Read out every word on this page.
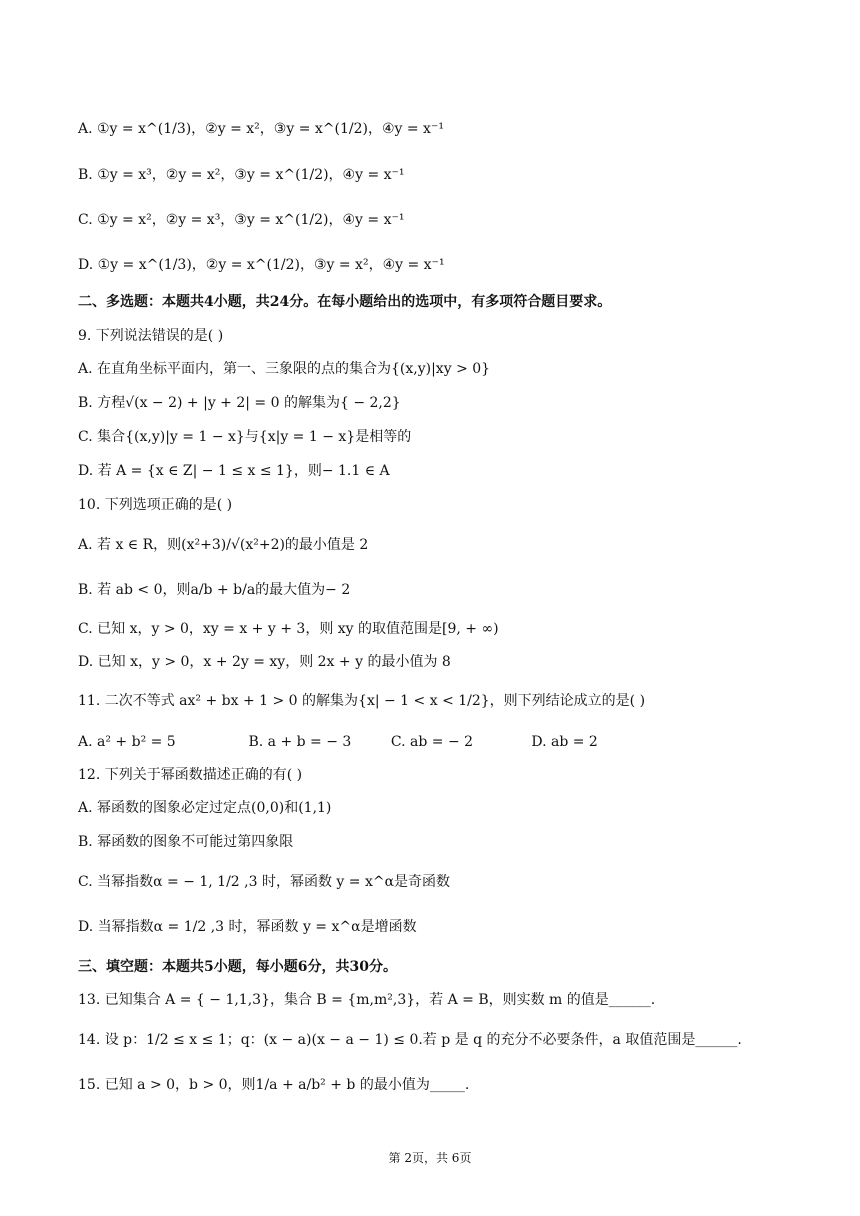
A. ①y = x^(1/3)，②y = x²，③y = x^(1/2)，④y = x⁻¹
B. ①y = x³，②y = x²，③y = x^(1/2)，④y = x⁻¹
C. ①y = x²，②y = x³，③y = x^(1/2)，④y = x⁻¹
D. ①y = x^(1/3)，②y = x^(1/2)，③y = x²，④y = x⁻¹
二、多选题：本题共4小题，共24分。在每小题给出的选项中，有多项符合题目要求。
9. 下列说法错误的是( )
A. 在直角坐标平面内，第一、三象限的点的集合为{(x,y)|xy > 0}
B. 方程√(x − 2) + |y + 2| = 0 的解集为{ − 2,2}
C. 集合{(x,y)|y = 1 − x}与{x|y = 1 − x}是相等的
D. 若 A = {x ∈ Z| − 1 ≤ x ≤ 1}，则− 1.1 ∈ A
10. 下列选项正确的是( )
A. 若 x ∈ R，则(x²+3)/√(x²+2)的最小值是 2
B. 若 ab < 0，则a/b + b/a的最大值为− 2
C. 已知 x，y > 0，xy = x + y + 3，则 xy 的取值范围是[9, + ∞)
D. 已知 x，y > 0，x + 2y = xy，则 2x + y 的最小值为 8
11. 二次不等式 ax² + bx + 1 > 0 的解集为{x| − 1 < x < 1/2}，则下列结论成立的是( )
A. a² + b² = 5	B. a + b = − 3	C. ab = − 2	D. ab = 2
12. 下列关于幂函数描述正确的有( )
A. 幂函数的图象必定过定点(0,0)和(1,1)
B. 幂函数的图象不可能过第四象限
C. 当幂指数α = − 1, 1/2 ,3 时，幂函数 y = x^α是奇函数
D. 当幂指数α = 1/2 ,3 时，幂函数 y = x^α是增函数
三、填空题：本题共5小题，每小题6分，共30分。
13. 已知集合 A = { − 1,1,3}，集合 B = {m,m²,3}，若 A = B，则实数 m 的值是______.
14. 设 p：1/2 ≤ x ≤ 1；q：(x − a)(x − a − 1) ≤ 0.若 p 是 q 的充分不必要条件，a 取值范围是______.
15. 已知 a > 0，b > 0，则1/a + a/b² + b 的最小值为_____.
第 2页，共 6页
